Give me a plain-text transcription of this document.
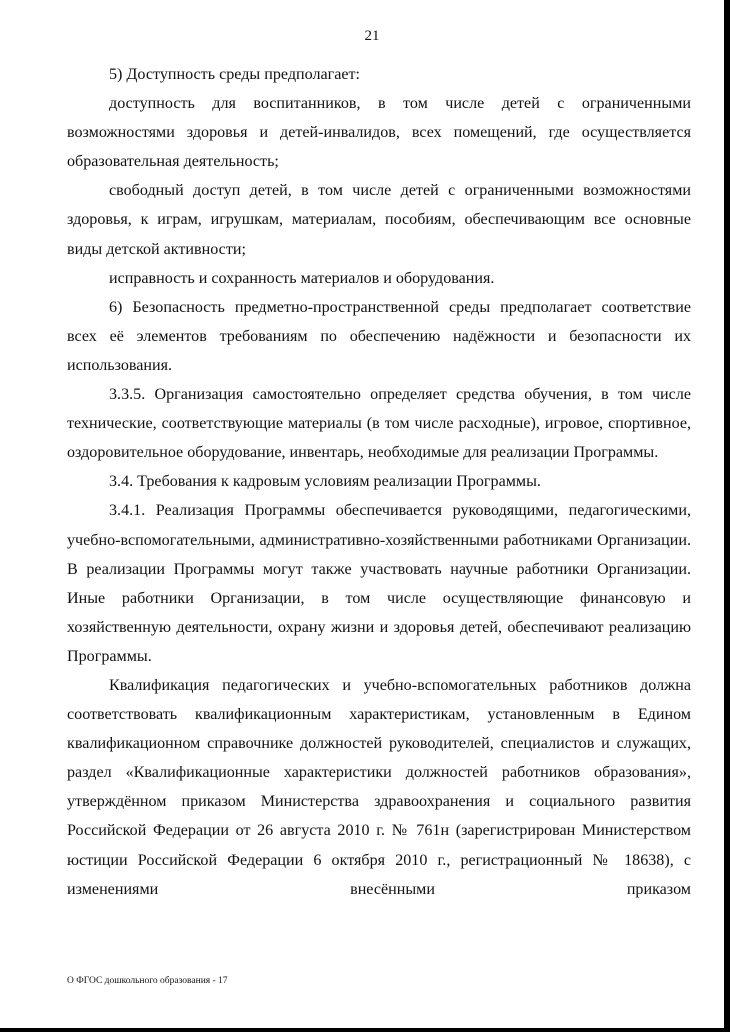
21

5) Доступность среды предполагает:

доступность для воспитанников, в том числе детей с ограниченными возможностями здоровья и детей-инвалидов, всех помещений, где осуществляется образовательная деятельность;

свободный доступ детей, в том числе детей с ограниченными возможностями здоровья, к играм, игрушкам, материалам, пособиям, обеспечивающим все основные виды детской активности;

исправность и сохранность материалов и оборудования.

6) Безопасность предметно-пространственной среды предполагает соответствие всех её элементов требованиям по обеспечению надёжности и безопасности их использования.

3.3.5. Организация самостоятельно определяет средства обучения, в том числе технические, соответствующие материалы (в том числе расходные), игровое, спортивное, оздоровительное оборудование, инвентарь, необходимые для реализации Программы.

3.4. Требования к кадровым условиям реализации Программы.

3.4.1. Реализация Программы обеспечивается руководящими, педагогическими, учебно-вспомогательными, административно-хозяйственными работниками Организации. В реализации Программы могут также участвовать научные работники Организации. Иные работники Организации, в том числе осуществляющие финансовую и хозяйственную деятельности, охрану жизни и здоровья детей, обеспечивают реализацию Программы.

Квалификация педагогических и учебно-вспомогательных работников должна соответствовать квалификационным характеристикам, установленным в Едином квалификационном справочнике должностей руководителей, специалистов и служащих, раздел «Квалификационные характеристики должностей работников образования», утверждённом приказом Министерства здравоохранения и социального развития Российской Федерации от 26 августа 2010 г. № 761н (зарегистрирован Министерством юстиции Российской Федерации 6 октября 2010 г., регистрационный № 18638), с изменениями внесёнными приказом

О ФГОС дошкольного образования - 17
